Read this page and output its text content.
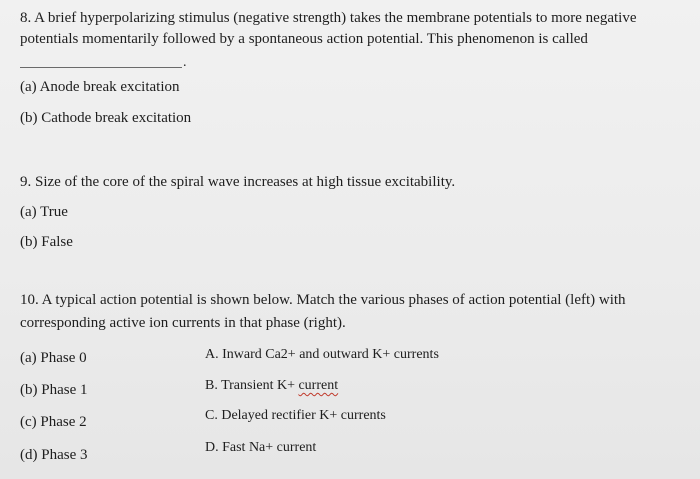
8. A brief hyperpolarizing stimulus (negative strength) takes the membrane potentials to more negative
potentials momentarily followed by a spontaneous action potential. This phenomenon is called
.
(a) Anode break excitation
(b) Cathode break excitation
9. Size of the core of the spiral wave increases at high tissue excitability.
(a) True
(b) False
10. A typical action potential is shown below. Match the various phases of action potential (left) with
corresponding active ion currents in that phase (right).
(a) Phase 0
(b) Phase 1
(c) Phase 2
(d) Phase 3
A. Inward Ca2+ and outward K+ currents
B. Transient K+ current
C. Delayed rectifier K+ currents
D. Fast Na+ current
